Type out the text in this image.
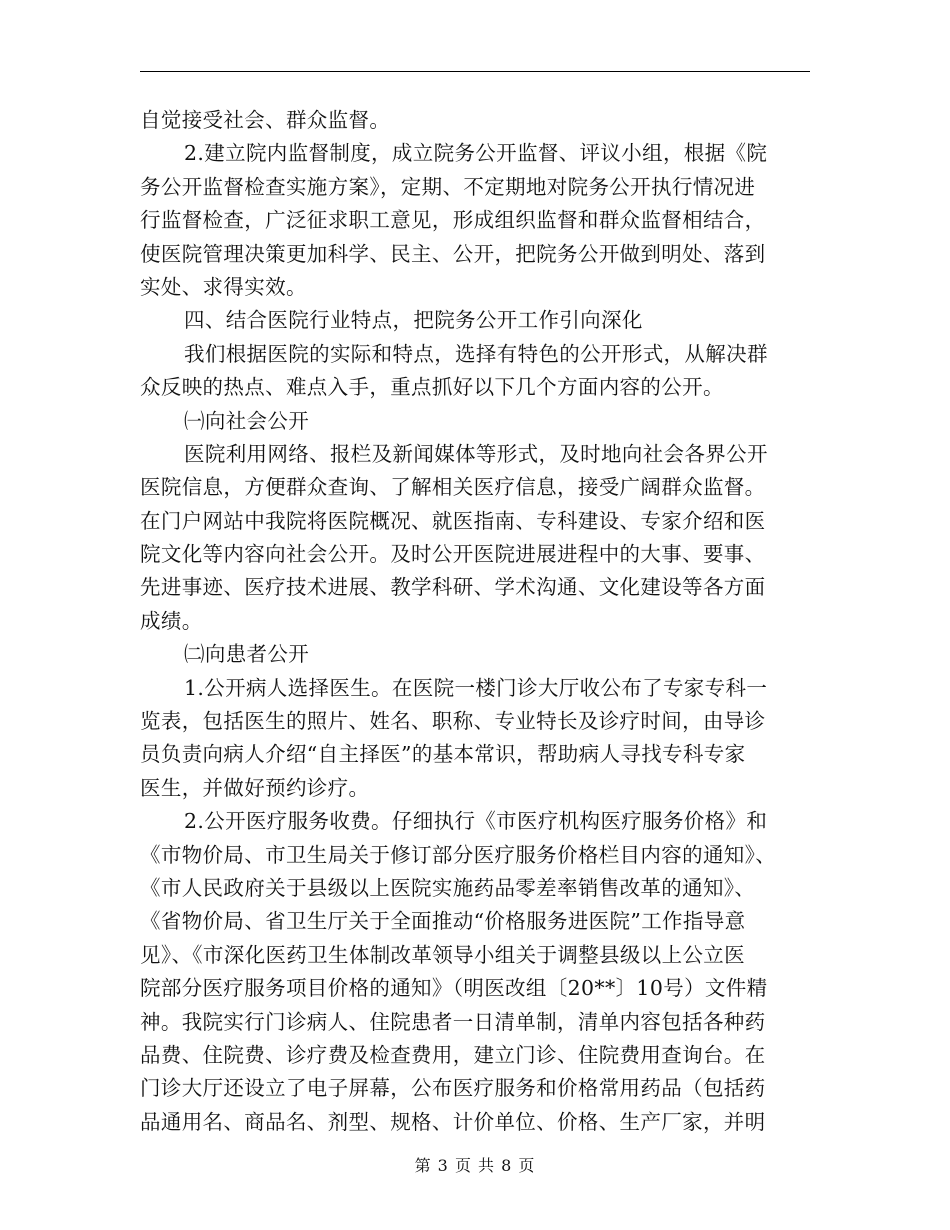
自觉接受社会、群众监督。
2.建立院内监督制度，成立院务公开监督、评议小组，根据《院
务公开监督检查实施方案》，定期、不定期地对院务公开执行情况进
行监督检查，广泛征求职工意见，形成组织监督和群众监督相结合，
使医院管理决策更加科学、民主、公开，把院务公开做到明处、落到
实处、求得实效。
四、结合医院行业特点，把院务公开工作引向深化
我们根据医院的实际和特点，选择有特色的公开形式，从解决群
众反映的热点、难点入手，重点抓好以下几个方面内容的公开。
㈠向社会公开
医院利用网络、报栏及新闻媒体等形式，及时地向社会各界公开
医院信息，方便群众查询、了解相关医疗信息，接受广阔群众监督。
在门户网站中我院将医院概况、就医指南、专科建设、专家介绍和医
院文化等内容向社会公开。及时公开医院进展进程中的大事、要事、
先进事迹、医疗技术进展、教学科研、学术沟通、文化建设等各方面
成绩。
㈡向患者公开
1.公开病人选择医生。在医院一楼门诊大厅收公布了专家专科一
览表，包括医生的照片、姓名、职称、专业特长及诊疗时间，由导诊
员负责向病人介绍“自主择医”的基本常识，帮助病人寻找专科专家
医生，并做好预约诊疗。
2.公开医疗服务收费。仔细执行《市医疗机构医疗服务价格》和
《市物价局、市卫生局关于修订部分医疗服务价格栏目内容的通知》、
《市人民政府关于县级以上医院实施药品零差率销售改革的通知》、
《省物价局、省卫生厅关于全面推动“价格服务进医院”工作指导意
见》、《市深化医药卫生体制改革领导小组关于调整县级以上公立医
院部分医疗服务项目价格的通知》（明医改组〔20**〕10号）文件精
神。我院实行门诊病人、住院患者一日清单制，清单内容包括各种药
品费、住院费、诊疗费及检查费用，建立门诊、住院费用查询台。在
门诊大厅还设立了电子屏幕，公布医疗服务和价格常用药品（包括药
品通用名、商品名、剂型、规格、计价单位、价格、生产厂家，并明
第 3 页 共 8 页
